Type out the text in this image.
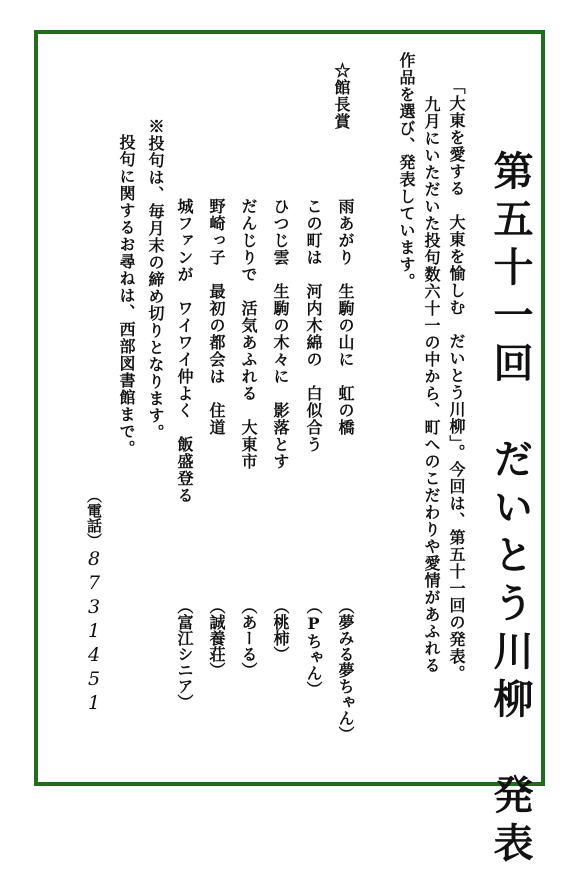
第五十一回　だいとう川柳　発表
「大東を愛する　大東を愉しむ　だいとう川柳」。今回は、第五十一回の発表。
九月にいただいた投句数六十一の中から、町へのこだわりや愛情があふれる
作品を選び、発表しています。
☆館長賞
雨あがり　生駒の山に　虹の橋
この町は　河内木綿の　白似合う
ひつじ雲　生駒の木々に　影落とす
だんじりで　活気あふれる　大東市
野崎っ子　最初の都会は　住道
城ファンが　ワイワイ仲よく　飯盛登る
（夢みる夢ちゃん）
（Pちゃん）
（桃柿）
（あーる）
（誠養荘）
（富江シニア）
※投句は、毎月末の締め切りとなります。
投句に関するお尋ねは、西部図書館まで。
（電話）
8731451
